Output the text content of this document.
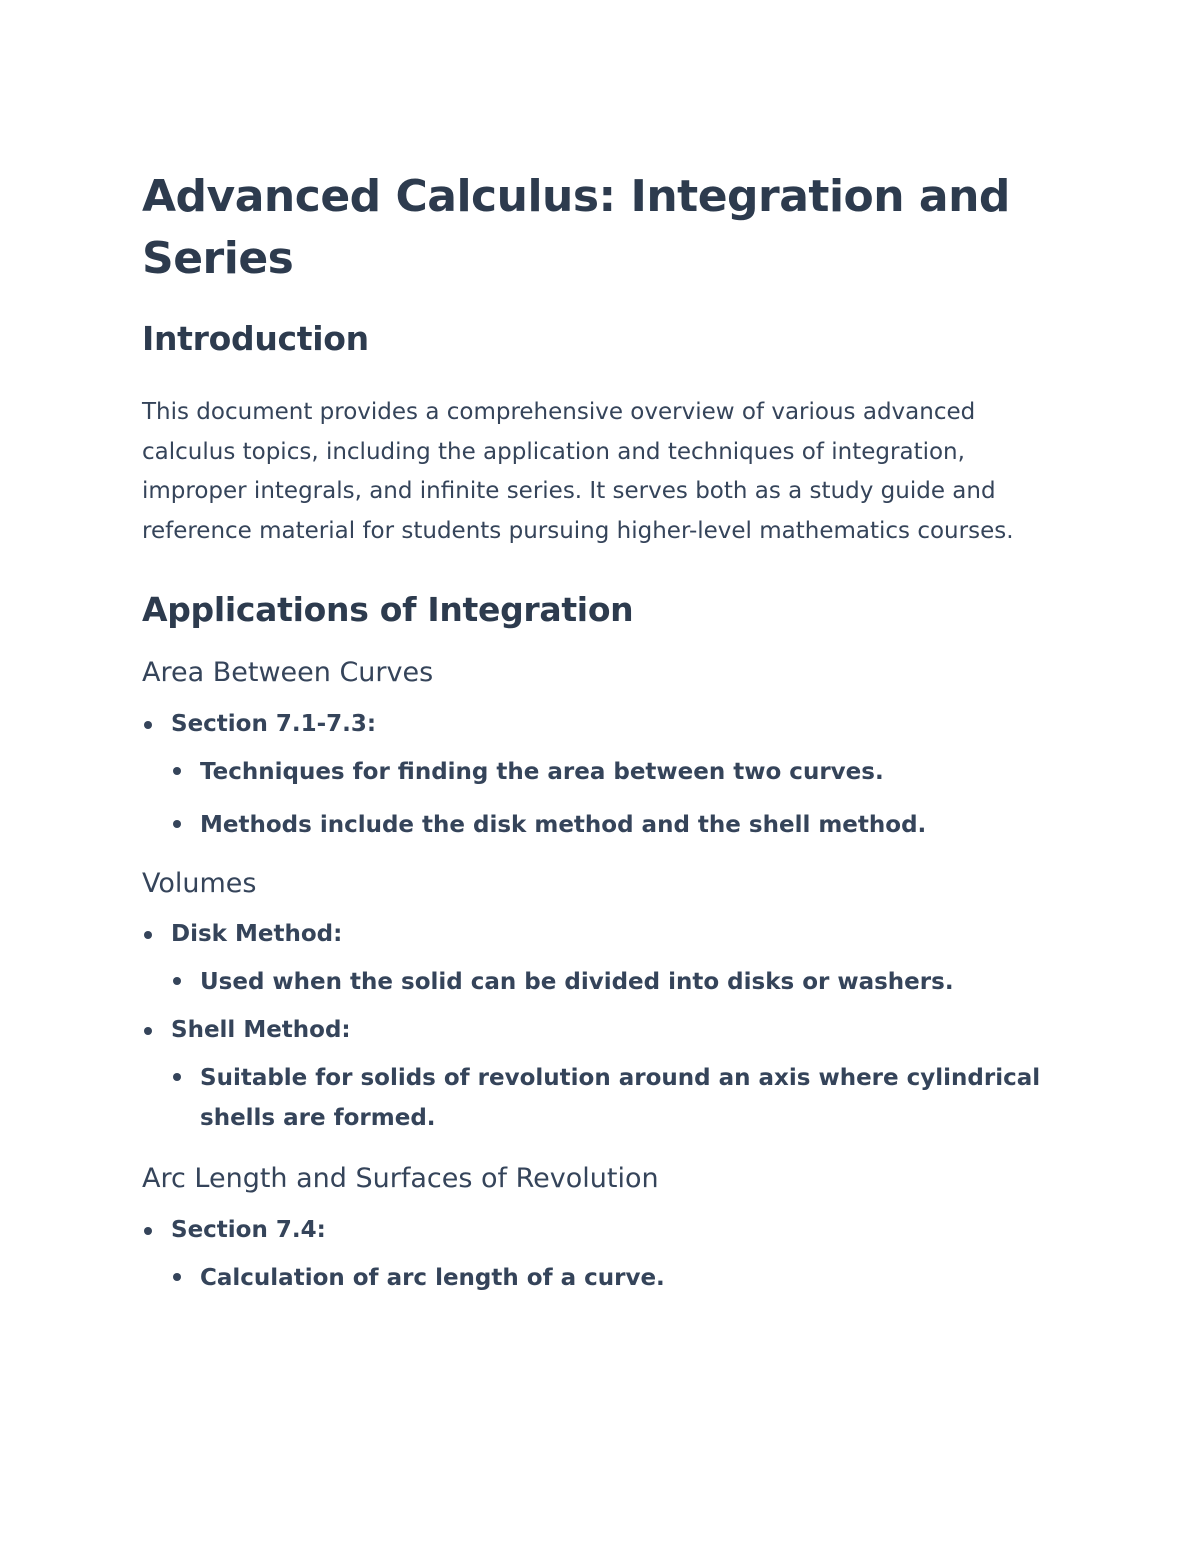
Advanced Calculus: Integration and Series
Introduction

This document provides a comprehensive overview of various advanced calculus topics, including the application and techniques of integration, improper integrals, and infinite series. It serves both as a study guide and reference material for students pursuing higher-level mathematics courses.

Applications of Integration
Area Between Curves
Section 7.1-7.3:
Techniques for finding the area between two curves.
Methods include the disk method and the shell method.
Volumes
Disk Method:
Used when the solid can be divided into disks or washers.
Shell Method:
Suitable for solids of revolution around an axis where cylindrical shells are formed.
Arc Length and Surfaces of Revolution
Section 7.4:
Calculation of arc length of a curve.
